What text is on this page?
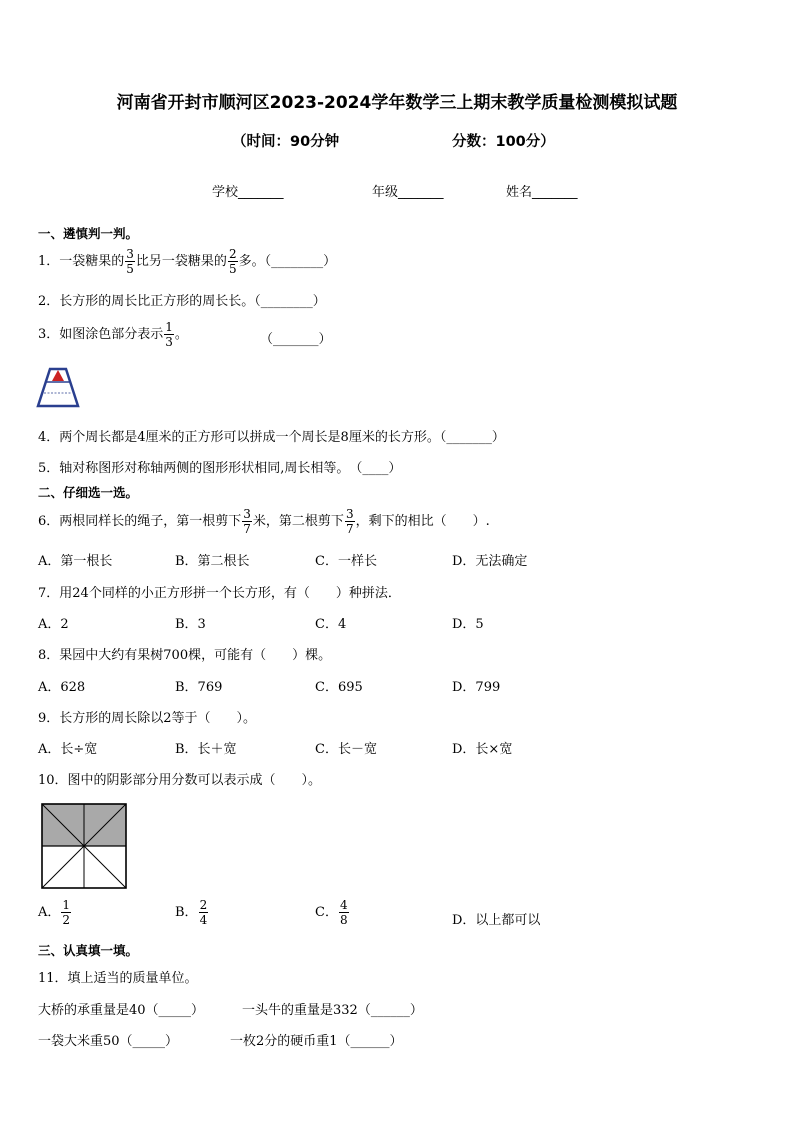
河南省开封市顺河区2023-2024学年数学三上期末教学质量检测模拟试题
（时间：90分钟	分数：100分）
学校_______	年级_______	姓名_______
一、遴慎判一判。
1．一袋糖果的 $\frac{3}{5}$ 比另一袋糖果的 $\frac{2}{5}$ 多。（________）
2．长方形的周长比正方形的周长长。（________）
3．如图涂色部分表示 $\frac{1}{3}$ 。	（_______）
4．两个周长都是4厘米的正方形可以拼成一个周长是8厘米的长方形。（_______）
5．轴对称图形对称轴两侧的图形形状相同,周长相等。　（____）
二、仔细选一选。
6．两根同样长的绳子，第一根剪下 $\frac{3}{7}$ 米，第二根剪下 $\frac{3}{7}$ ，剩下的相比（　　）.
A．第一根长	B．第二根长	C．一样长	D．无法确定
7．用24个同样的小正方形拼一个长方形，有（　　）种拼法．
A．2	B．3	C．4	D．5
8．果园中大约有果树700棵，可能有（　　）棵。
A．628	B．769	C．695	D．799
9．长方形的周长除以2等于（　　）。
A．长÷宽	B．长＋宽	C．长－宽	D．长×宽
10．图中的阴影部分用分数可以表示成（　　）。
A． $\frac{1}{2}$	B． $\frac{2}{4}$	C． $\frac{4}{8}$	D．以上都可以
三、认真填一填。
11．填上适当的质量单位。
大桥的承重量是40（_____）	一头牛的重量是332（______）
一袋大米重50（_____）	一枚2分的硬币重1（______）
